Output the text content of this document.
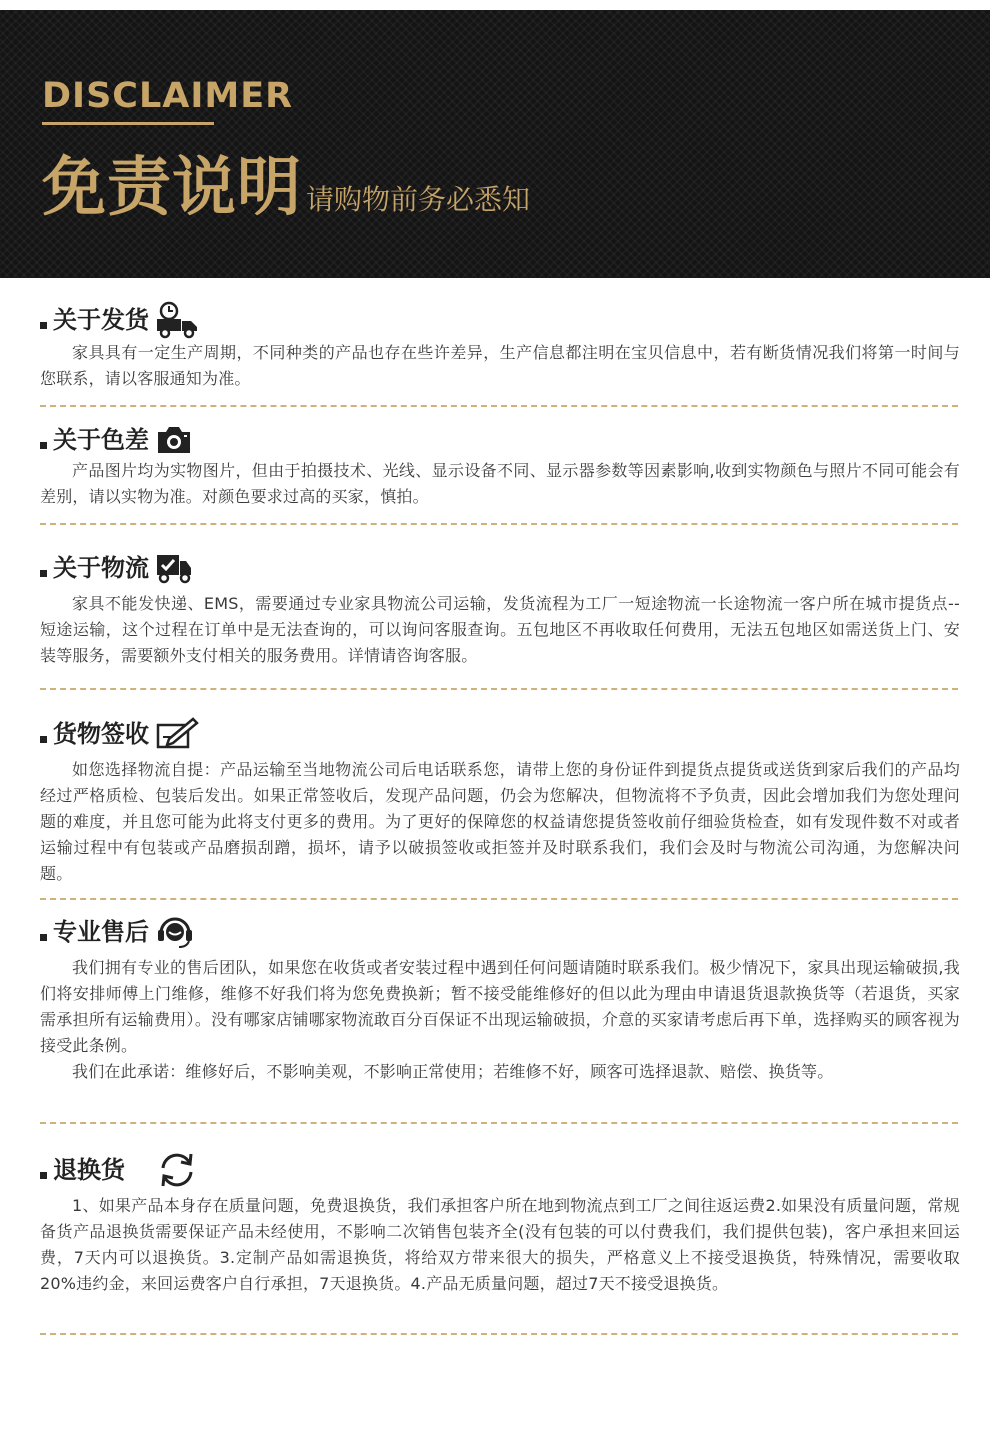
DISCLAIMER
免责说明 请购物前务必悉知
关于发货

家具具有一定生产周期，不同种类的产品也存在些许差异，生产信息都注明在宝贝信息中，若有断货情况我们将第一时间与您联系，请以客服通知为准。

关于色差

产品图片均为实物图片，但由于拍摄技术、光线、显示设备不同、显示器参数等因素影响,收到实物颜色与照片不同可能会有差别，请以实物为准。对颜色要求过高的买家，慎拍。

关于物流

家具不能发快递、EMS，需要通过专业家具物流公司运输，发货流程为工厂一短途物流一长途物流一客户所在城市提货点--短途运输，这个过程在订单中是无法查询的，可以询问客服查询。五包地区不再收取任何费用，无法五包地区如需送货上门、安装等服务，需要额外支付相关的服务费用。详情请咨询客服。

货物签收

如您选择物流自提：产品运输至当地物流公司后电话联系您，请带上您的身份证件到提货点提货或送货到家后我们的产品均经过严格质检、包装后发出。如果正常签收后，发现产品问题，仍会为您解决，但物流将不予负责，因此会增加我们为您处理问题的难度，并且您可能为此将支付更多的费用。为了更好的保障您的权益请您提货签收前仔细验货检查，如有发现件数不对或者运输过程中有包装或产品磨损刮蹭，损坏，请予以破损签收或拒签并及时联系我们，我们会及时与物流公司沟通，为您解决问题。

专业售后

我们拥有专业的售后团队，如果您在收货或者安装过程中遇到任何问题请随时联系我们。极少情况下，家具出现运输破损,我们将安排师傅上门维修，维修不好我们将为您免费换新；暂不接受能维修好的但以此为理由申请退货退款换货等（若退货，买家需承担所有运输费用）。没有哪家店铺哪家物流敢百分百保证不出现运输破损，介意的买家请考虑后再下单，选择购买的顾客视为接受此条例。

我们在此承诺：维修好后，不影响美观，不影响正常使用；若维修不好，顾客可选择退款、赔偿、换货等。

退换货

1、如果产品本身存在质量问题，免费退换货，我们承担客户所在地到物流点到工厂之间往返运费2.如果没有质量问题，常规备货产品退换货需要保证产品未经使用，不影响二次销售包装齐全(没有包装的可以付费我们，我们提供包装)，客户承担来回运费，7天内可以退换货。3.定制产品如需退换货，将给双方带来很大的损失，严格意义上不接受退换货，特殊情况，需要收取20%违约金，来回运费客户自行承担，7天退换货。4.产品无质量问题，超过7天不接受退换货。
